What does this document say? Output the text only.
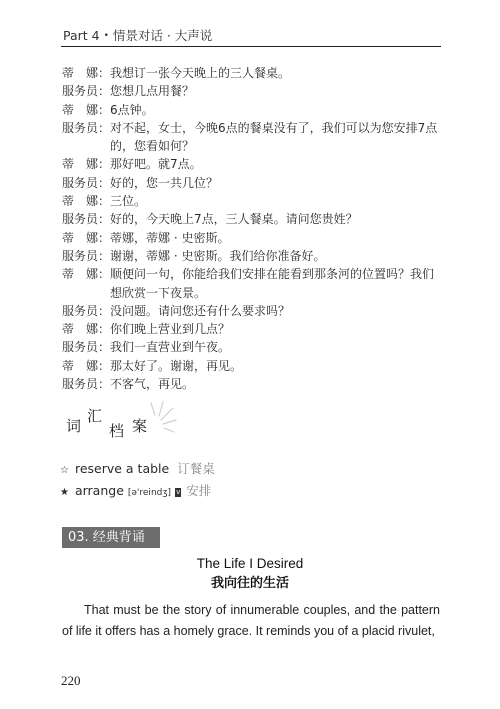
Part 4 • 情景对话 · 大声说
蒂　娜： 我想订一张今天晚上的三人餐桌。
服务员： 您想几点用餐？
蒂　娜： 6点钟。
服务员： 对不起，女士，今晚6点的餐桌没有了，我们可以为您安排7点的，您看如何？
蒂　娜： 那好吧。就7点。
服务员： 好的，您一共几位？
蒂　娜： 三位。
服务员： 好的，今天晚上7点，三人餐桌。请问您贵姓？
蒂　娜： 蒂娜，蒂娜 · 史密斯。
服务员： 谢谢，蒂娜 · 史密斯。我们给你准备好。
蒂　娜： 顺便问一句，你能给我们安排在能看到那条河的位置吗？我们想欣赏一下夜景。
服务员： 没问题。请问您还有什么要求吗？
蒂　娜： 你们晚上营业到几点？
服务员： 我们一直营业到午夜。
蒂　娜： 那太好了。谢谢，再见。
服务员： 不客气，再见。
词
汇
档 案
☆ reserve a table 订餐桌
★ arrange [ə'reindʒ] v 安排
03. 经典背诵
The Life I Desired
我向往的生活
That must be the story of innumerable couples, and the pattern of life it offers has a homely grace. It reminds you of a placid rivulet,
220
